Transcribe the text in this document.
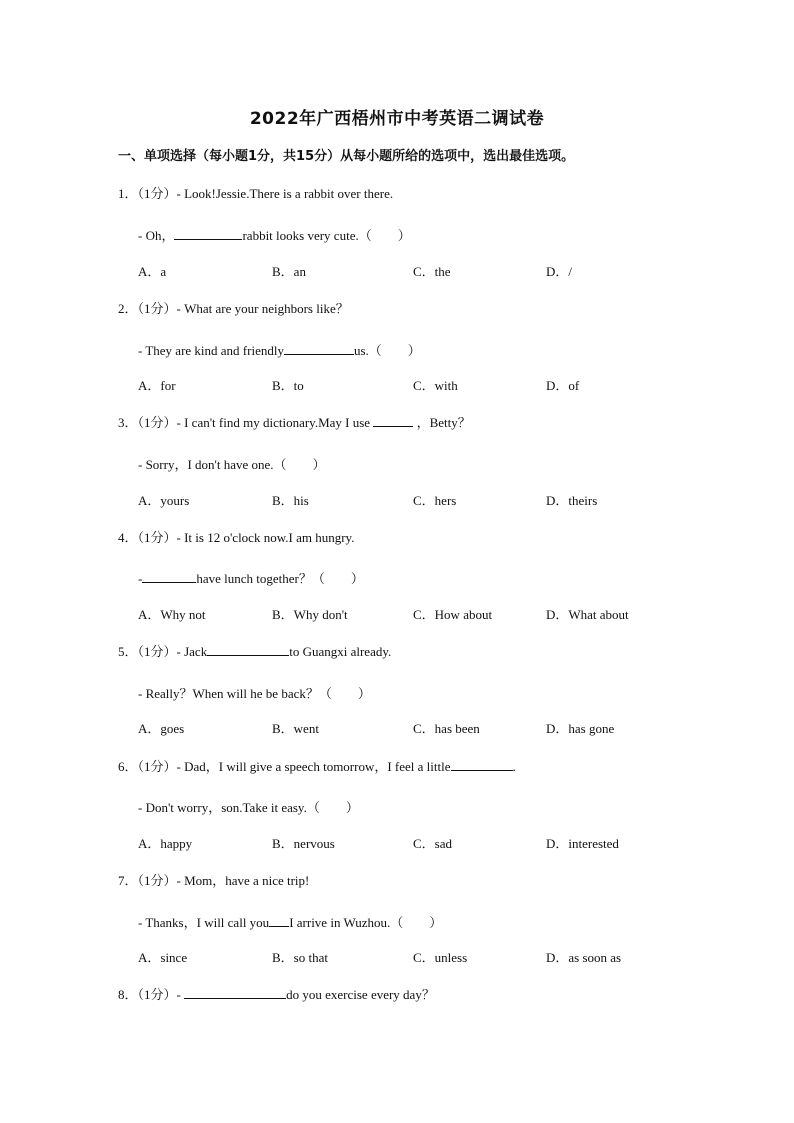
2022年广西梧州市中考英语二调试卷
一、单项选择（每小题1分，共15分）从每小题所给的选项中，选出最佳选项。
1．（1分）- Look!Jessie.There is a rabbit over there.
- Oh，	rabbit looks very cute.（　　）
A．a	B．an	C．the	D．/
2．（1分）- What are your neighbors like？
- They are kind and friendly	us.（　　）
A．for	B．to	C．with	D．of
3．（1分）- I can't find my dictionary.May I use	，Betty？
- Sorry，I don't have one.（　　）
A．yours	B．his	C．hers	D．theirs
4．（1分）- It is 12 o'clock now.I am hungry.
-	have lunch together？（　　）
A．Why not	B．Why don't	C．How about	D．What about
5．（1分）- Jack	to Guangxi already.
- Really？When will he be back？（　　）
A．goes	B．went	C．has been	D．has gone
6．（1分）- Dad，I will give a speech tomorrow，I feel a little	.
- Don't worry，son.Take it easy.（　　）
A．happy	B．nervous	C．sad	D．interested
7．（1分）- Mom，have a nice trip!
- Thanks，I will call you I arrive in Wuzhou.（　　）
A．since	B．so that	C．unless	D．as soon as
8．（1分）-	do you exercise every day？
